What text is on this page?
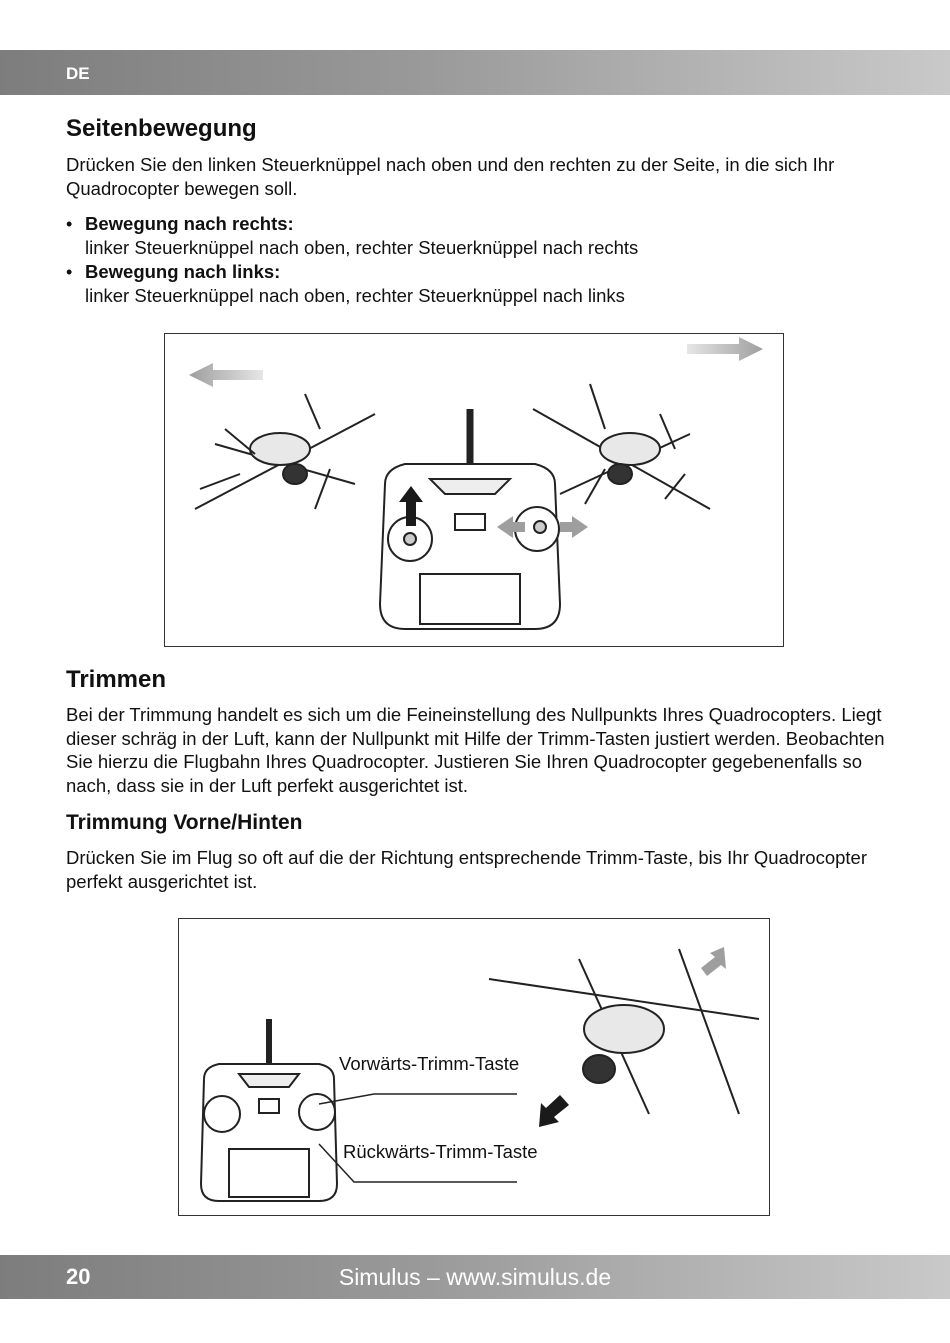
DE
Seitenbewegung

Drücken Sie den linken Steuerknüppel nach oben und den rechten zu der Seite, in die sich Ihr Quadrocopter bewegen soll.

• Bewegung nach rechts:
linker Steuerknüppel nach oben, rechter Steuerknüppel nach rechts
• Bewegung nach links:
linker Steuerknüppel nach oben, rechter Steuerknüppel nach links
Trimmen

Bei der Trimmung handelt es sich um die Feineinstellung des Nullpunkts Ihres Quadrocopters. Liegt dieser schräg in der Luft, kann der Nullpunkt mit Hilfe der Trimm-Tasten justiert werden. Beobachten Sie hierzu die Flugbahn Ihres Quadrocopter. Justieren Sie Ihren Quadrocopter gegebenenfalls so nach, dass sie in der Luft perfekt ausgerichtet ist.

Trimmung Vorne/Hinten

Drücken Sie im Flug so oft auf die der Richtung entsprechende Trimm-Taste, bis Ihr Quadrocopter perfekt ausgerichtet ist.

Vorwärts-Trimm-Taste
Rückwärts-Trimm-Taste
20	Simulus – www.simulus.de
